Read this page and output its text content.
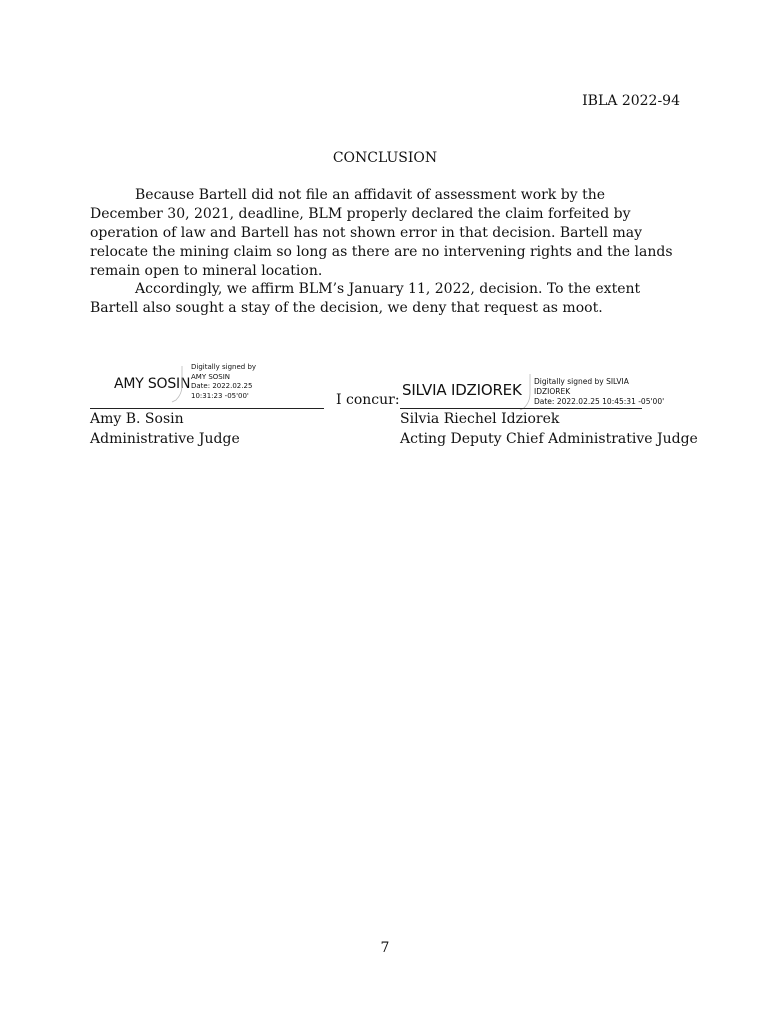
IBLA 2022-94
CONCLUSION

Because Bartell did not file an affidavit of assessment work by the December 30, 2021, deadline, BLM properly declared the claim forfeited by operation of law and Bartell has not shown error in that decision. Bartell may relocate the mining claim so long as there are no intervening rights and the lands remain open to mineral location.

Accordingly, we affirm BLM’s January 11, 2022, decision. To the extent Bartell also sought a stay of the decision, we deny that request as moot.

AMY SOSIN
Digitally signed by
AMY SOSIN
Date: 2022.02.25
10:31:23 -05'00'	I concur:
SILVIA IDZIOREK Digitally signed by SILVIA
IDZIOREK
Date: 2022.02.25 10:45:31 -05'00'
Amy B. Sosin
Administrative Judge
Silvia Riechel Idziorek
Acting Deputy Chief Administrative Judge
7
